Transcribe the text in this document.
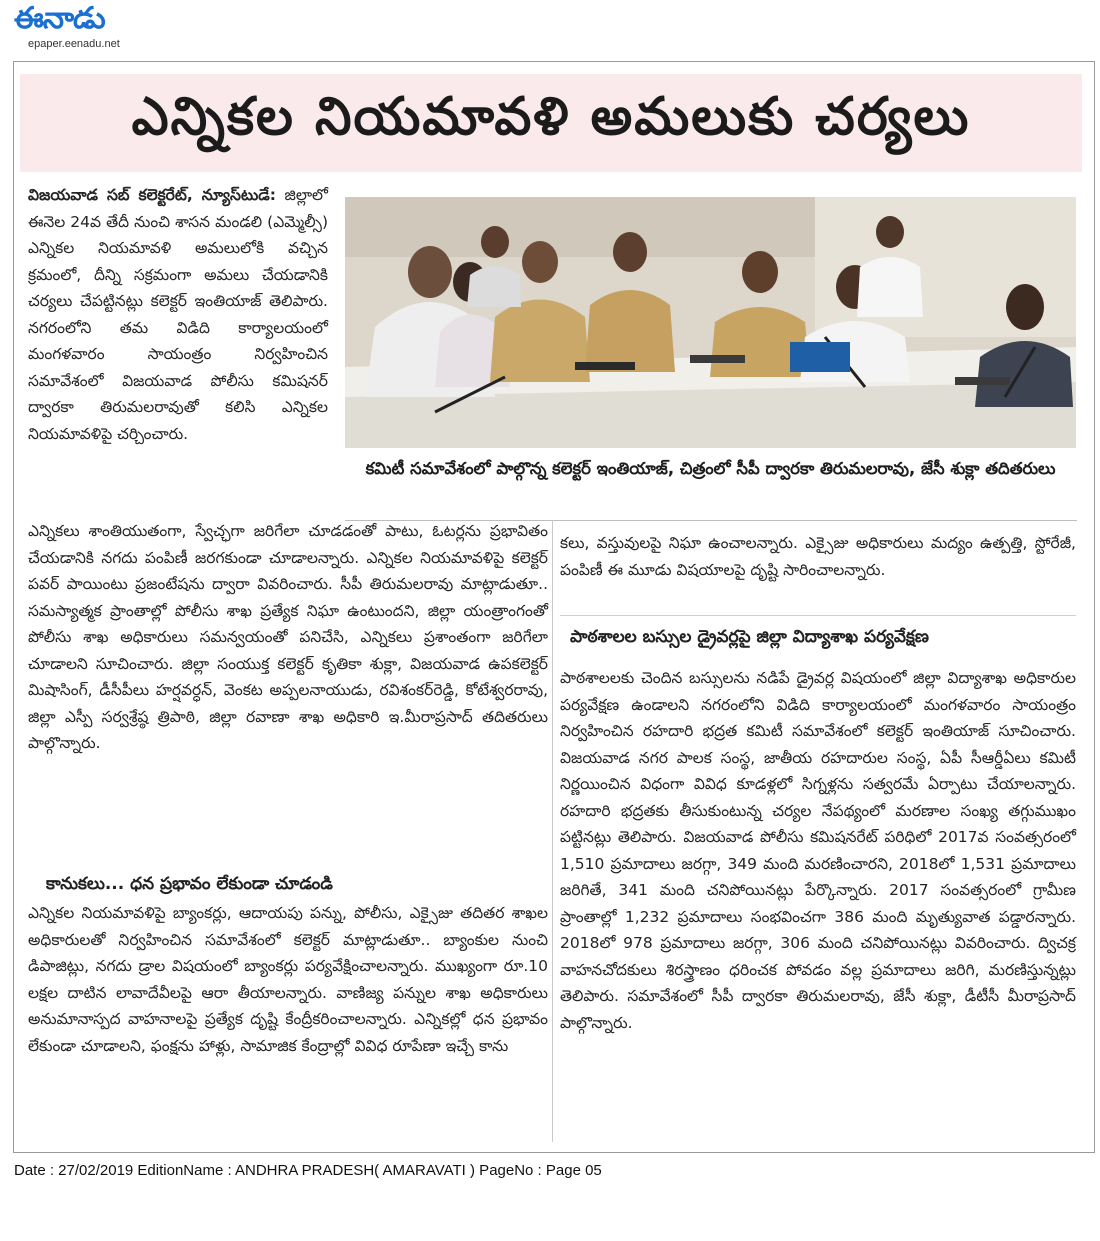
ఈనాడు
epaper.eenadu.net
ఎన్నికల నియమావళి అమలుకు చర్యలు

విజయవాడ సబ్ కలెక్టరేట్, న్యూస్‌టుడే: జిల్లాలో ఈనెల 24వ తేదీ నుంచి శాసన మండలి (ఎమ్మెల్సీ) ఎన్నికల నియమావళి అమలులోకి వచ్చిన క్రమంలో, దీన్ని సక్రమంగా అమలు చేయడానికి చర్యలు చేపట్టినట్లు కలెక్టర్ ఇంతియాజ్ తెలిపారు. నగరంలోని తమ విడిది కార్యాలయంలో మంగళవారం సాయంత్రం నిర్వహించిన సమావేశంలో విజయవాడ పోలీసు కమిషనర్ ద్వారకా తిరుమలరావుతో కలిసి ఎన్నికల నియమావళిపై చర్చించారు.

కమిటీ సమావేశంలో పాల్గొన్న కలెక్టర్ ఇంతియాజ్, చిత్రంలో సీపీ ద్వారకా తిరుమలరావు, జేసీ శుక్లా తదితరులు

ఎన్నికలు శాంతియుతంగా, స్వేచ్ఛగా జరిగేలా చూడడంతో పాటు, ఓటర్లను ప్రభావితం చేయడానికి నగదు పంపిణీ జరగకుండా చూడాలన్నారు. ఎన్నికల నియమావళిపై కలెక్టర్ పవర్ పాయింటు ప్రజంటేషను ద్వారా వివరించారు. సీపీ తిరుమలరావు మాట్లాడుతూ.. సమస్యాత్మక ప్రాంతాల్లో పోలీసు శాఖ ప్రత్యేక నిఘా ఉంటుందని, జిల్లా యంత్రాంగంతో పోలీసు శాఖ అధికారులు సమన్వయంతో పనిచేసి, ఎన్నికలు ప్రశాంతంగా జరిగేలా చూడాలని సూచించారు. జిల్లా సంయుక్త కలెక్టర్ కృతికా శుక్లా, విజయవాడ ఉపకలెక్టర్ మిషాసింగ్, డీసీపీలు హర్షవర్ధన్, వెంకట అప్పలనాయుడు, రవిశంకర్‌రెడ్డి, కోటేశ్వరరావు, జిల్లా ఎస్పీ సర్వశ్రేష్ఠ త్రిపాఠి, జిల్లా రవాణా శాఖ అధికారి ఇ.మీరాప్రసాద్ తదితరులు పాల్గొన్నారు.

కానుకలు... ధన ప్రభావం లేకుండా చూడండి

ఎన్నికల నియమావళిపై బ్యాంకర్లు, ఆదాయపు పన్ను, పోలీసు, ఎక్సైజు తదితర శాఖల అధికారులతో నిర్వహించిన సమావేశంలో కలెక్టర్ మాట్లాడుతూ.. బ్యాంకుల నుంచి డిపాజిట్లు, నగదు డ్రాల విషయంలో బ్యాంకర్లు పర్యవేక్షించాలన్నారు. ముఖ్యంగా రూ.10 లక్షల దాటిన లావాదేవీలపై ఆరా తీయాలన్నారు. వాణిజ్య పన్నుల శాఖ అధికారులు అనుమానాస్పద వాహనాలపై ప్రత్యేక దృష్టి కేంద్రీకరించాలన్నారు. ఎన్నికల్లో ధన ప్రభావం లేకుండా చూడాలని, ఫంక్షను హాళ్లు, సామాజిక కేంద్రాల్లో వివిధ రూపేణా ఇచ్చే కాను

కలు, వస్తువులపై నిఘా ఉంచాలన్నారు. ఎక్సైజు అధికారులు మద్యం ఉత్పత్తి, స్టోరేజీ, పంపిణీ ఈ మూడు విషయాలపై దృష్టి సారించాలన్నారు.

పాఠశాలల బస్సుల డ్రైవర్లపై జిల్లా విద్యాశాఖ పర్యవేక్షణ

పాఠశాలలకు చెందిన బస్సులను నడిపే డ్రైవర్ల విషయంలో జిల్లా విద్యాశాఖ అధికారుల పర్యవేక్షణ ఉండాలని నగరంలోని విడిది కార్యాలయంలో మంగళవారం సాయంత్రం నిర్వహించిన రహదారి భద్రత కమిటీ సమావేశంలో కలెక్టర్ ఇంతియాజ్ సూచించారు. విజయవాడ నగర పాలక సంస్థ, జాతీయ రహదారుల సంస్థ, ఏపీ సీఆర్డీఏలు కమిటీ నిర్ణయించిన విధంగా వివిధ కూడళ్లలో సిగ్నళ్లను సత్వరమే ఏర్పాటు చేయాలన్నారు. రహదారి భద్రతకు తీసుకుంటున్న చర్యల నేపథ్యంలో మరణాల సంఖ్య తగ్గుముఖం పట్టినట్లు తెలిపారు. విజయవాడ పోలీసు కమిషనరేట్ పరిధిలో 2017వ సంవత్సరంలో 1,510 ప్రమాదాలు జరగ్గా, 349 మంది మరణించారని, 2018లో 1,531 ప్రమాదాలు జరిగితే, 341 మంది చనిపోయినట్లు పేర్కొన్నారు. 2017 సంవత్సరంలో గ్రామీణ ప్రాంతాల్లో 1,232 ప్రమాదాలు సంభవించగా 386 మంది మృత్యువాత పడ్డారన్నారు. 2018లో 978 ప్రమాదాలు జరగ్గా, 306 మంది చనిపోయినట్లు వివరించారు. ద్విచక్ర వాహనచోదకులు శిరస్త్రాణం ధరించక పోవడం వల్ల ప్రమాదాలు జరిగి, మరణిస్తున్నట్లు తెలిపారు. సమావేశంలో సీపీ ద్వారకా తిరుమలరావు, జేసీ శుక్లా, డీటీసీ మీరాప్రసాద్ పాల్గొన్నారు.

Date : 27/02/2019 EditionName : ANDHRA PRADESH( AMARAVATI ) PageNo : Page 05
